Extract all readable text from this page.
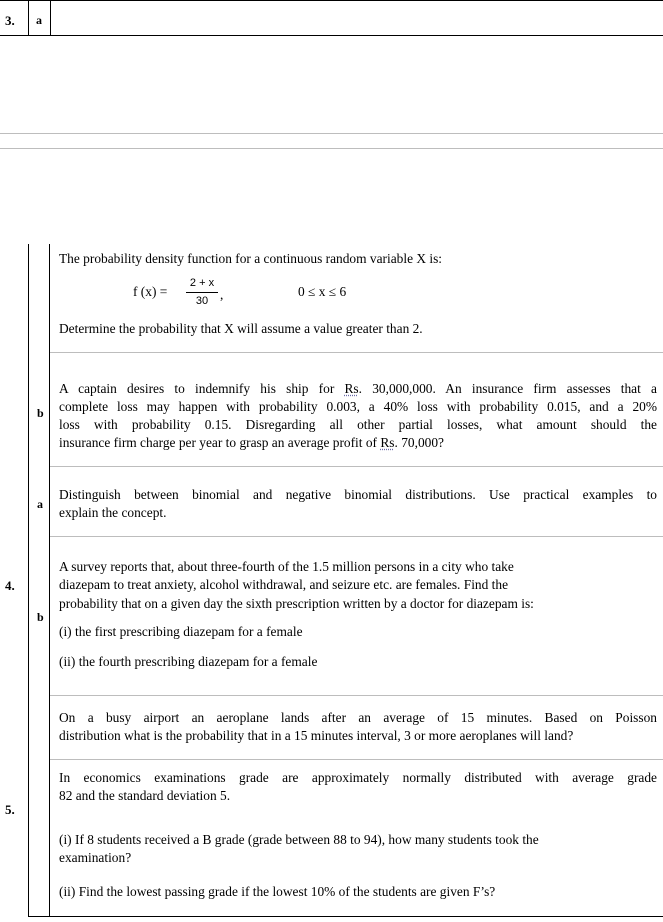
3. a
The probability density function for a continuous random variable X is:
f (x) =
2 + x
30 ,	0 ≤ x ≤ 6
Determine the probability that X will assume a value greater than 2.
b
A captain desires to indemnify his ship for Rs. 30,000,000. An insurance firm assesses that a
complete loss may happen with probability 0.003, a 40% loss with probability 0.015, and a 20%
loss with probability 0.15. Disregarding all other partial losses, what amount should the
insurance firm charge per year to grasp an average profit of Rs. 70,000?
a
Distinguish between binomial and negative binomial distributions. Use practical examples to
explain the concept.
4.
b
A survey reports that, about three-fourth of the 1.5 million persons in a city who take
diazepam to treat anxiety, alcohol withdrawal, and seizure etc. are females. Find the
probability that on a given day the sixth prescription written by a doctor for diazepam is:
(i) the first prescribing diazepam for a female
(ii) the fourth prescribing diazepam for a female
On a busy airport an aeroplane lands after an average of 15 minutes. Based on Poisson
distribution what is the probability that in a 15 minutes interval, 3 or more aeroplanes will land?
5.
In economics examinations grade are approximately normally distributed with average grade
82 and the standard deviation 5.
(i) If 8 students received a B grade (grade between 88 to 94), how many students took the
examination?
(ii) Find the lowest passing grade if the lowest 10% of the students are given F’s?
